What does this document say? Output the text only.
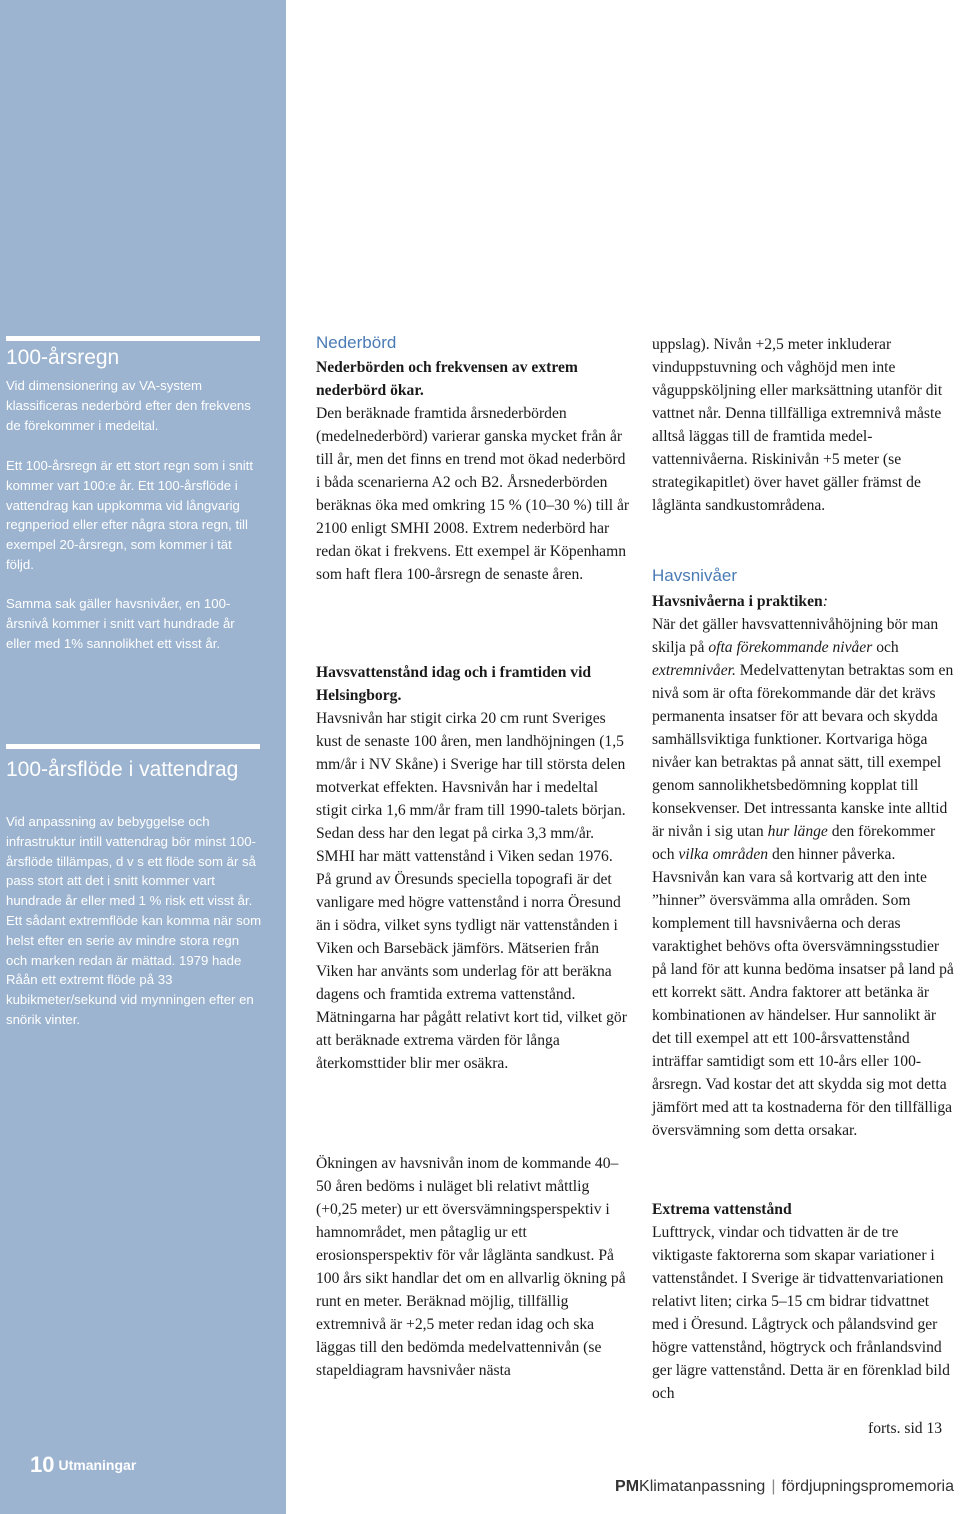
100-årsregn

Vid dimensionering av VA-system klassificeras nederbörd efter den frekvens de förekommer i medeltal.

Ett 100-årsregn är ett stort regn som i snitt kommer vart 100:e år. Ett 100-årsflöde i vattendrag kan uppkomma vid långvarig regnperiod eller efter några stora regn, till exempel 20-årsregn, som kommer i tät följd.

Samma sak gäller havsnivåer, en 100-årsnivå kommer i snitt vart hundrade år eller med 1% sannolikhet ett visst år.

100-årsflöde i vattendrag

Vid anpassning av bebyggelse och infrastruktur intill vattendrag bör minst 100-årsflöde tillämpas, d v s ett flöde som är så pass stort att det i snitt kommer vart hundrade år eller med 1 % risk ett visst år. Ett sådant extremflöde kan komma när som helst efter en serie av mindre stora regn och marken redan är mättad. 1979 hade Råån ett extremt flöde på 33 kubikmeter/sekund vid mynningen efter en snörik vinter.

10 Utmaningar
Nederbörd

Nederbörden och frekvensen av extrem nederbörd ökar.

Den beräknade framtida årsnederbörden (medelnederbörd) varierar ganska mycket från år till år, men det finns en trend mot ökad nederbörd i båda scenarierna A2 och B2. Årsnederbörden beräknas öka med omkring 15 % (10–30 %) till år 2100 enligt SMHI 2008. Extrem nederbörd har redan ökat i frekvens. Ett exempel är Köpenhamn som haft flera 100-årsregn de senaste åren.

Havsvattenstånd idag och i framtiden vid Helsingborg.

Havsnivån har stigit cirka 20 cm runt Sveriges kust de senaste 100 åren, men landhöjningen (1,5 mm/år i NV Skåne) i Sverige har till största delen motverkat effekten. Havsnivån har i medeltal stigit cirka 1,6 mm/år fram till 1990-talets början. Sedan dess har den legat på cirka 3,3 mm/år. SMHI har mätt vattenstånd i Viken sedan 1976. På grund av Öresunds speciella topografi är det vanligare med högre vattenstånd i norra Öresund än i södra, vilket syns tydligt när vattenstånden i Viken och Barsebäck jämförs. Mätserien från Viken har använts som underlag för att beräkna dagens och framtida extrema vattenstånd. Mätningarna har pågått relativt kort tid, vilket gör att beräknade extrema värden för långa återkomsttider blir mer osäkra.

Ökningen av havsnivån inom de kommande 40–50 åren bedöms i nuläget bli relativt måttlig (+0,25 meter) ur ett översvämningsperspektiv i hamnområdet, men påtaglig ur ett erosionsperspektiv för vår låglänta sandkust. På 100 års sikt handlar det om en allvarlig ökning på runt en meter. Beräknad möjlig, tillfällig extremnivå är +2,5 meter redan idag och ska läggas till den bedömda medelvattennivån (se stapeldiagram havsnivåer nästa

uppslag). Nivån +2,5 meter inkluderar vinduppstuvning och våghöjd men inte våguppsköljning eller marksättning utanför dit vattnet når. Denna tillfälliga extremnivå måste alltså läggas till de framtida medel-vattennivåerna. Riskinivån +5 meter (se strategikapitlet) över havet gäller främst de låglänta sandkustområdena.

Havsnivåer

Havsnivåerna i praktiken:

När det gäller havsvattennivåhöjning bör man skilja på ofta förekommande nivåer och extremnivåer. Medelvattenytan betraktas som en nivå som är ofta förekommande där det krävs permanenta insatser för att bevara och skydda samhällsviktiga funktioner. Kortvariga höga nivåer kan betraktas på annat sätt, till exempel genom sannolikhetsbedömning kopplat till konsekvenser. Det intressanta kanske inte alltid är nivån i sig utan hur länge den förekommer och vilka områden den hinner påverka. Havsnivån kan vara så kortvarig att den inte ”hinner” översvämma alla områden. Som komplement till havsnivåerna och deras varaktighet behövs ofta översvämningsstudier på land för att kunna bedöma insatser på land på ett korrekt sätt. Andra faktorer att betänka är kombinationen av händelser. Hur sannolikt är det till exempel att ett 100-årsvattenstånd inträffar samtidigt som ett 10-års eller 100-årsregn. Vad kostar det att skydda sig mot detta jämfört med att ta kostnaderna för den tillfälliga översvämning som detta orsakar.

Extrema vattenstånd

Lufttryck, vindar och tidvatten är de tre viktigaste faktorerna som skapar variationer i vattenståndet. I Sverige är tidvattenvariationen relativt liten; cirka 5–15 cm bidrar tidvattnet med i Öresund. Lågtryck och pålandsvind ger högre vattenstånd, högtryck och frånlandsvind ger lägre vattenstånd. Detta är en förenklad bild och

forts. sid 13
PMKlimatanpassning | fördjupningspromemoria
